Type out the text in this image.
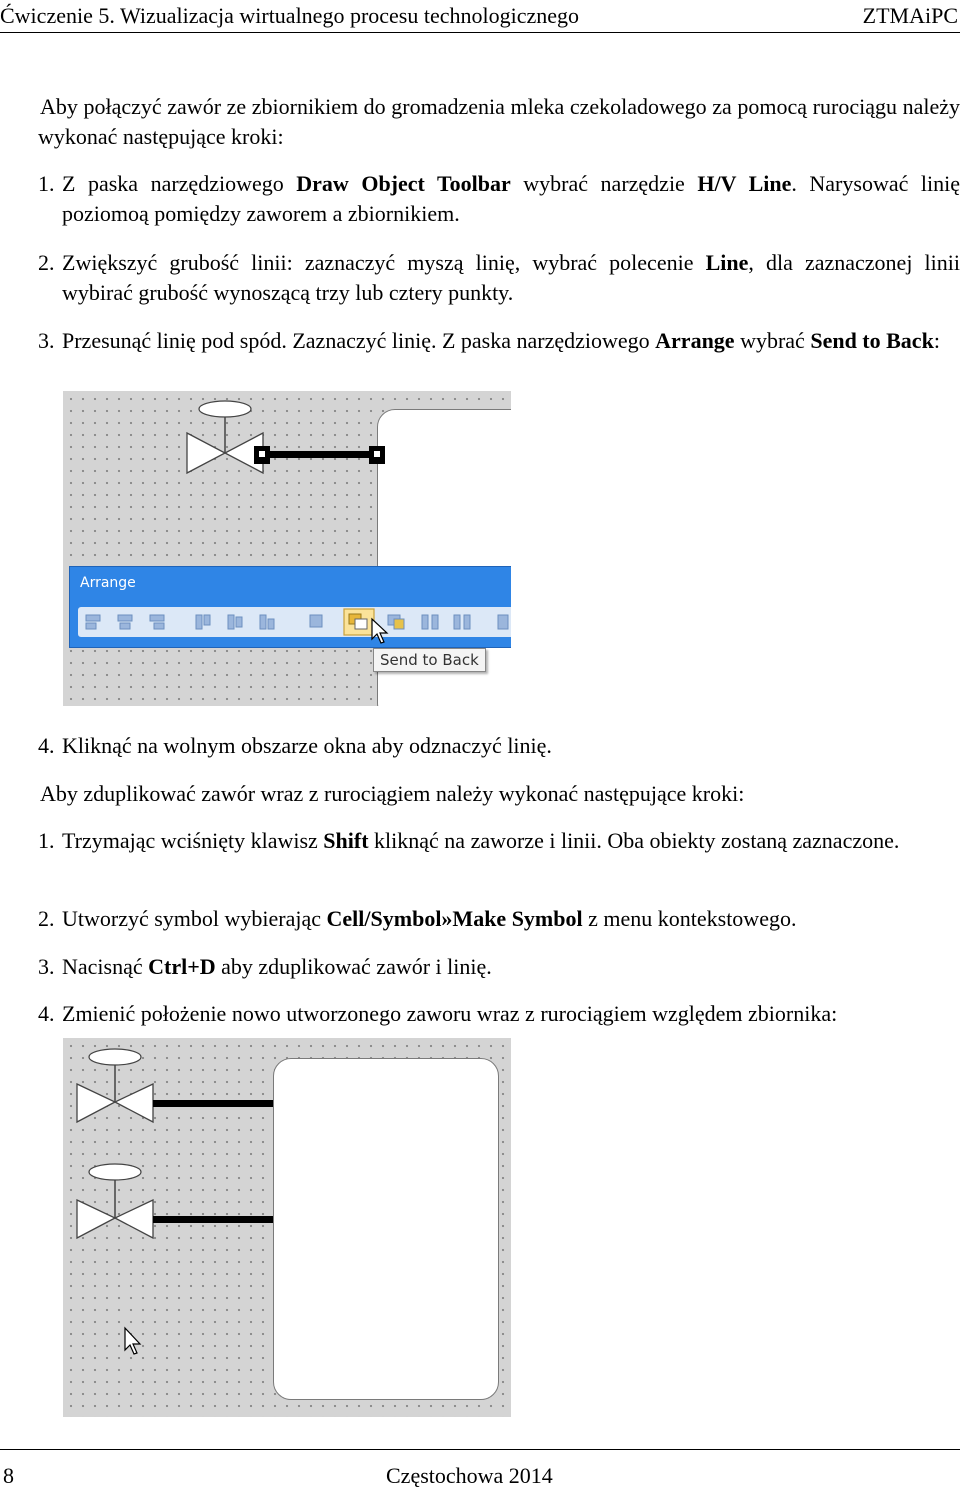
Ćwiczenie 5. Wizualizacja wirtualnego procesu technologicznego	ZTMAiPC

Aby połączyć zawór ze zbiornikiem do gromadzenia mleka czekoladowego za pomocą rurociągu należy wykonać następujące kroki:

1. Z paska narzędziowego Draw Object Toolbar wybrać narzędzie H/V Line. Narysować linię poziomoą pomiędzy zaworem a zbiornikiem.
2. Zwiększyć grubość linii: zaznaczyć myszą linię, wybrać polecenie Line, dla zaznaczonej linii wybirać grubość wynoszącą trzy lub cztery punkty.
3. Przesunąć linię pod spód. Zaznaczyć linię. Z paska narzędziowego Arrange wybrać Send to Back:
Arrange
Send to Back
4. Kliknąć na wolnym obszarze okna aby odznaczyć linię.

Aby zduplikować zawór wraz z rurociągiem należy wykonać następujące kroki:

1. Trzymając wciśnięty klawisz Shift kliknąć na zaworze i linii. Oba obiekty zostaną zaznaczone.
2. Utworzyć symbol wybierając Cell/Symbol»Make Symbol z menu kontekstowego.
3. Nacisnąć Ctrl+D aby zduplikować zawór i linię.
4. Zmienić położenie nowo utworzonego zaworu wraz z rurociągiem względem zbiornika:
8	Częstochowa 2014
